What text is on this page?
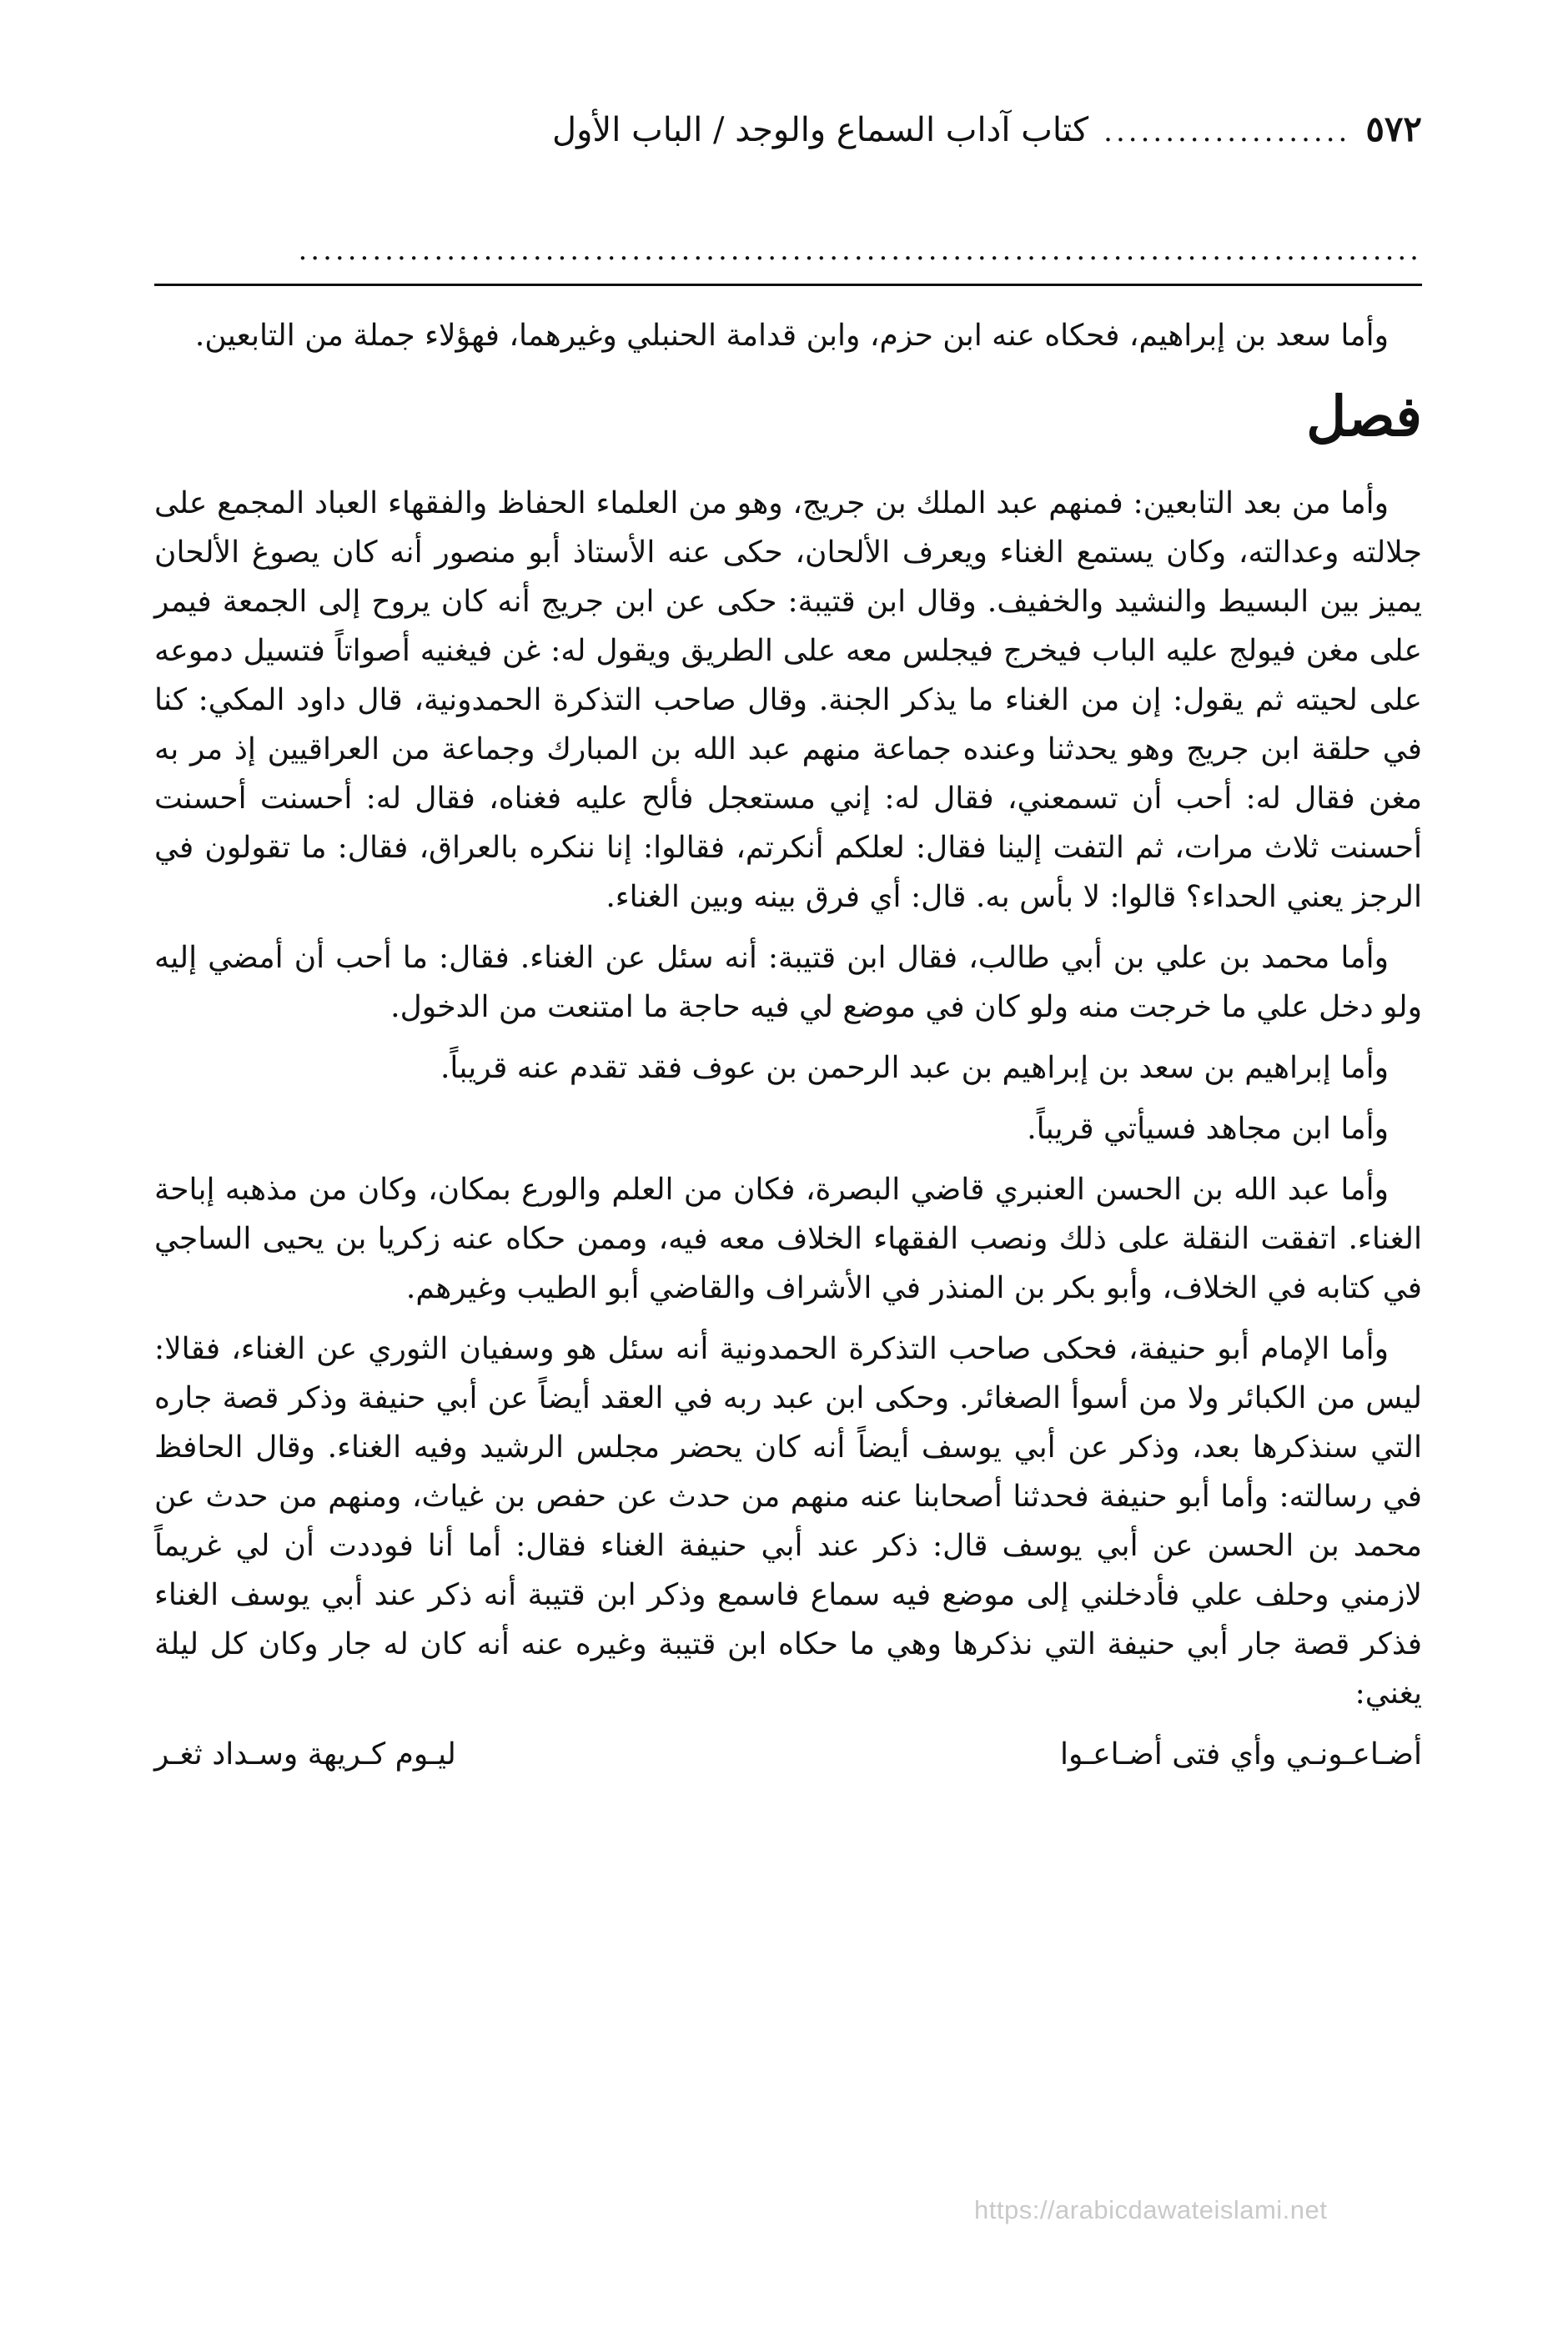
٥٧٢
....................
كتاب آداب السماع والوجد / الباب الأول
...........................................................................................

وأما سعد بن إبراهيم، فحكاه عنه ابن حزم، وابن قدامة الحنبلي وغيرهما، فهؤلاء جملة من التابعين.

فصل

وأما من بعد التابعين: فمنهم عبد الملك بن جريج، وهو من العلماء الحفاظ والفقهاء العباد المجمع على جلالته وعدالته، وكان يستمع الغناء ويعرف الألحان، حكى عنه الأستاذ أبو منصور أنه كان يصوغ الألحان يميز بين البسيط والنشيد والخفيف. وقال ابن قتيبة: حكى عن ابن جريج أنه كان يروح إلى الجمعة فيمر على مغن فيولج عليه الباب فيخرج فيجلس معه على الطريق ويقول له: غن فيغنيه أصواتاً فتسيل دموعه على لحيته ثم يقول: إن من الغناء ما يذكر الجنة. وقال صاحب التذكرة الحمدونية، قال داود المكي: كنا في حلقة ابن جريج وهو يحدثنا وعنده جماعة منهم عبد الله بن المبارك وجماعة من العراقيين إذ مر به مغن فقال له: أحب أن تسمعني، فقال له: إني مستعجل فألح عليه فغناه، فقال له: أحسنت أحسنت أحسنت ثلاث مرات، ثم التفت إلينا فقال: لعلكم أنكرتم، فقالوا: إنا ننكره بالعراق، فقال: ما تقولون في الرجز يعني الحداء؟ قالوا: لا بأس به. قال: أي فرق بينه وبين الغناء.

وأما محمد بن علي بن أبي طالب، فقال ابن قتيبة: أنه سئل عن الغناء. فقال: ما أحب أن أمضي إليه ولو دخل علي ما خرجت منه ولو كان في موضع لي فيه حاجة ما امتنعت من الدخول.

وأما إبراهيم بن سعد بن إبراهيم بن عبد الرحمن بن عوف فقد تقدم عنه قريباً.

وأما ابن مجاهد فسيأتي قريباً.

وأما عبد الله بن الحسن العنبري قاضي البصرة، فكان من العلم والورع بمكان، وكان من مذهبه إباحة الغناء. اتفقت النقلة على ذلك ونصب الفقهاء الخلاف معه فيه، وممن حكاه عنه زكريا بن يحيى الساجي في كتابه في الخلاف، وأبو بكر بن المنذر في الأشراف والقاضي أبو الطيب وغيرهم.

وأما الإمام أبو حنيفة، فحكى صاحب التذكرة الحمدونية أنه سئل هو وسفيان الثوري عن الغناء، فقالا: ليس من الكبائر ولا من أسوأ الصغائر. وحكى ابن عبد ربه في العقد أيضاً عن أبي حنيفة وذكر قصة جاره التي سنذكرها بعد، وذكر عن أبي يوسف أيضاً أنه كان يحضر مجلس الرشيد وفيه الغناء. وقال الحافظ في رسالته: وأما أبو حنيفة فحدثنا أصحابنا عنه منهم من حدث عن حفص بن غياث، ومنهم من حدث عن محمد بن الحسن عن أبي يوسف قال: ذكر عند أبي حنيفة الغناء فقال: أما أنا فوددت أن لي غريماً لازمني وحلف علي فأدخلني إلى موضع فيه سماع فاسمع وذكر ابن قتيبة أنه ذكر عند أبي يوسف الغناء فذكر قصة جار أبي حنيفة التي نذكرها وهي ما حكاه ابن قتيبة وغيره عنه أنه كان له جار وكان كل ليلة يغني:

أضـاعـونـي وأي فتى أضـاعـوا
ليـوم كـريهة وسـداد ثغـر
https://arabicdawateislami.net
